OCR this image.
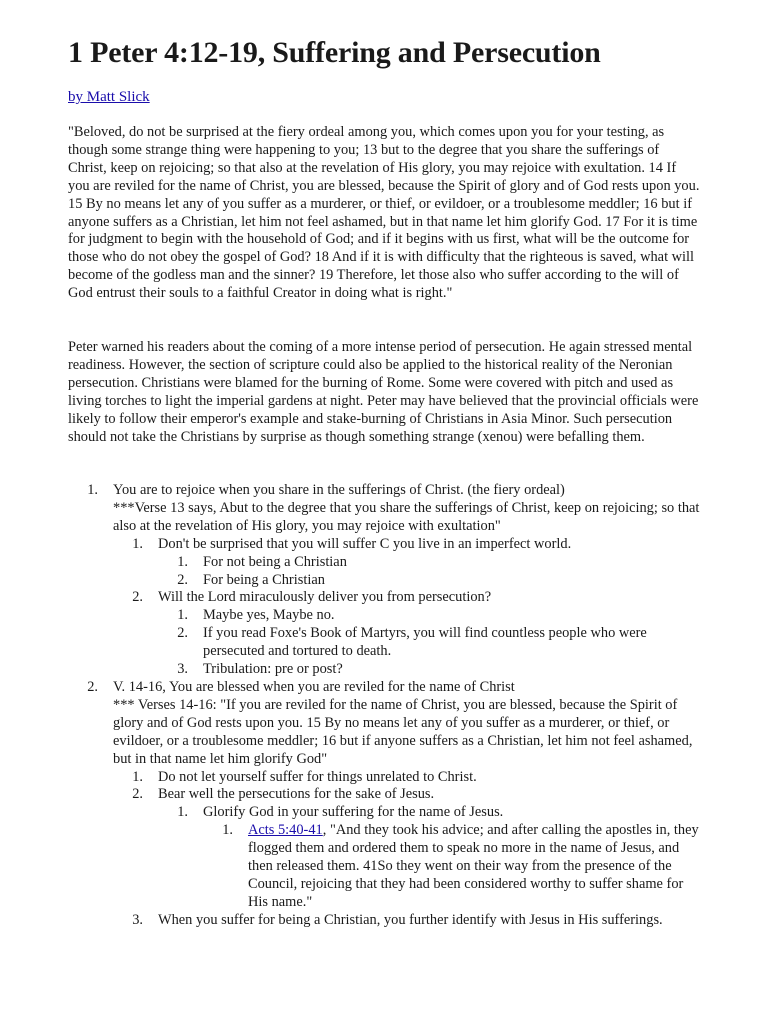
1 Peter 4:12-19, Suffering and Persecution
by Matt Slick

"Beloved, do not be surprised at the fiery ordeal among you, which comes upon you for your testing, as though some strange thing were happening to you; 13 but to the degree that you share the sufferings of Christ, keep on rejoicing; so that also at the revelation of His glory, you may rejoice with exultation. 14 If you are reviled for the name of Christ, you are blessed, because the Spirit of glory and of God rests upon you. 15 By no means let any of you suffer as a murderer, or thief, or evildoer, or a troublesome meddler; 16 but if anyone suffers as a Christian, let him not feel ashamed, but in that name let him glorify God. 17 For it is time for judgment to begin with the household of God; and if it begins with us first, what will be the outcome for those who do not obey the gospel of God? 18 And if it is with difficulty that the righteous is saved, what will become of the godless man and the sinner? 19 Therefore, let those also who suffer according to the will of God entrust their souls to a faithful Creator in doing what is right."

Peter warned his readers about the coming of a more intense period of persecution. He again stressed mental readiness. However, the section of scripture could also be applied to the historical reality of the Neronian persecution. Christians were blamed for the burning of Rome. Some were covered with pitch and used as living torches to light the imperial gardens at night. Peter may have believed that the provincial officials were likely to follow their emperor's example and stake-burning of Christians in Asia Minor. Such persecution should not take the Christians by surprise as though something strange (xenou) were befalling them.

1. You are to rejoice when you share in the sufferings of Christ. (the fiery ordeal)
***Verse 13 says, Abut to the degree that you share the sufferings of Christ, keep on rejoicing; so that also at the revelation of His glory, you may rejoice with exultation"
1. Don't be surprised that you will suffer C you live in an imperfect world.
1. For not being a Christian
2. For being a Christian
2. Will the Lord miraculously deliver you from persecution?
1. Maybe yes, Maybe no.
2. If you read Foxe's Book of Martyrs, you will find countless people who were persecuted and tortured to death.
3. Tribulation: pre or post?
2. V. 14-16, You are blessed when you are reviled for the name of Christ
*** Verses 14-16: "If you are reviled for the name of Christ, you are blessed, because the Spirit of glory and of God rests upon you. 15 By no means let any of you suffer as a murderer, or thief, or evildoer, or a troublesome meddler; 16 but if anyone suffers as a Christian, let him not feel ashamed, but in that name let him glorify God"
1. Do not let yourself suffer for things unrelated to Christ.
2. Bear well the persecutions for the sake of Jesus.
1. Glorify God in your suffering for the name of Jesus.
1. Acts 5:40-41, "And they took his advice; and after calling the apostles in, they flogged them and ordered them to speak no more in the name of Jesus, and then released them. 41So they went on their way from the presence of the Council, rejoicing that they had been considered worthy to suffer shame for His name."
3. When you suffer for being a Christian, you further identify with Jesus in His sufferings.
